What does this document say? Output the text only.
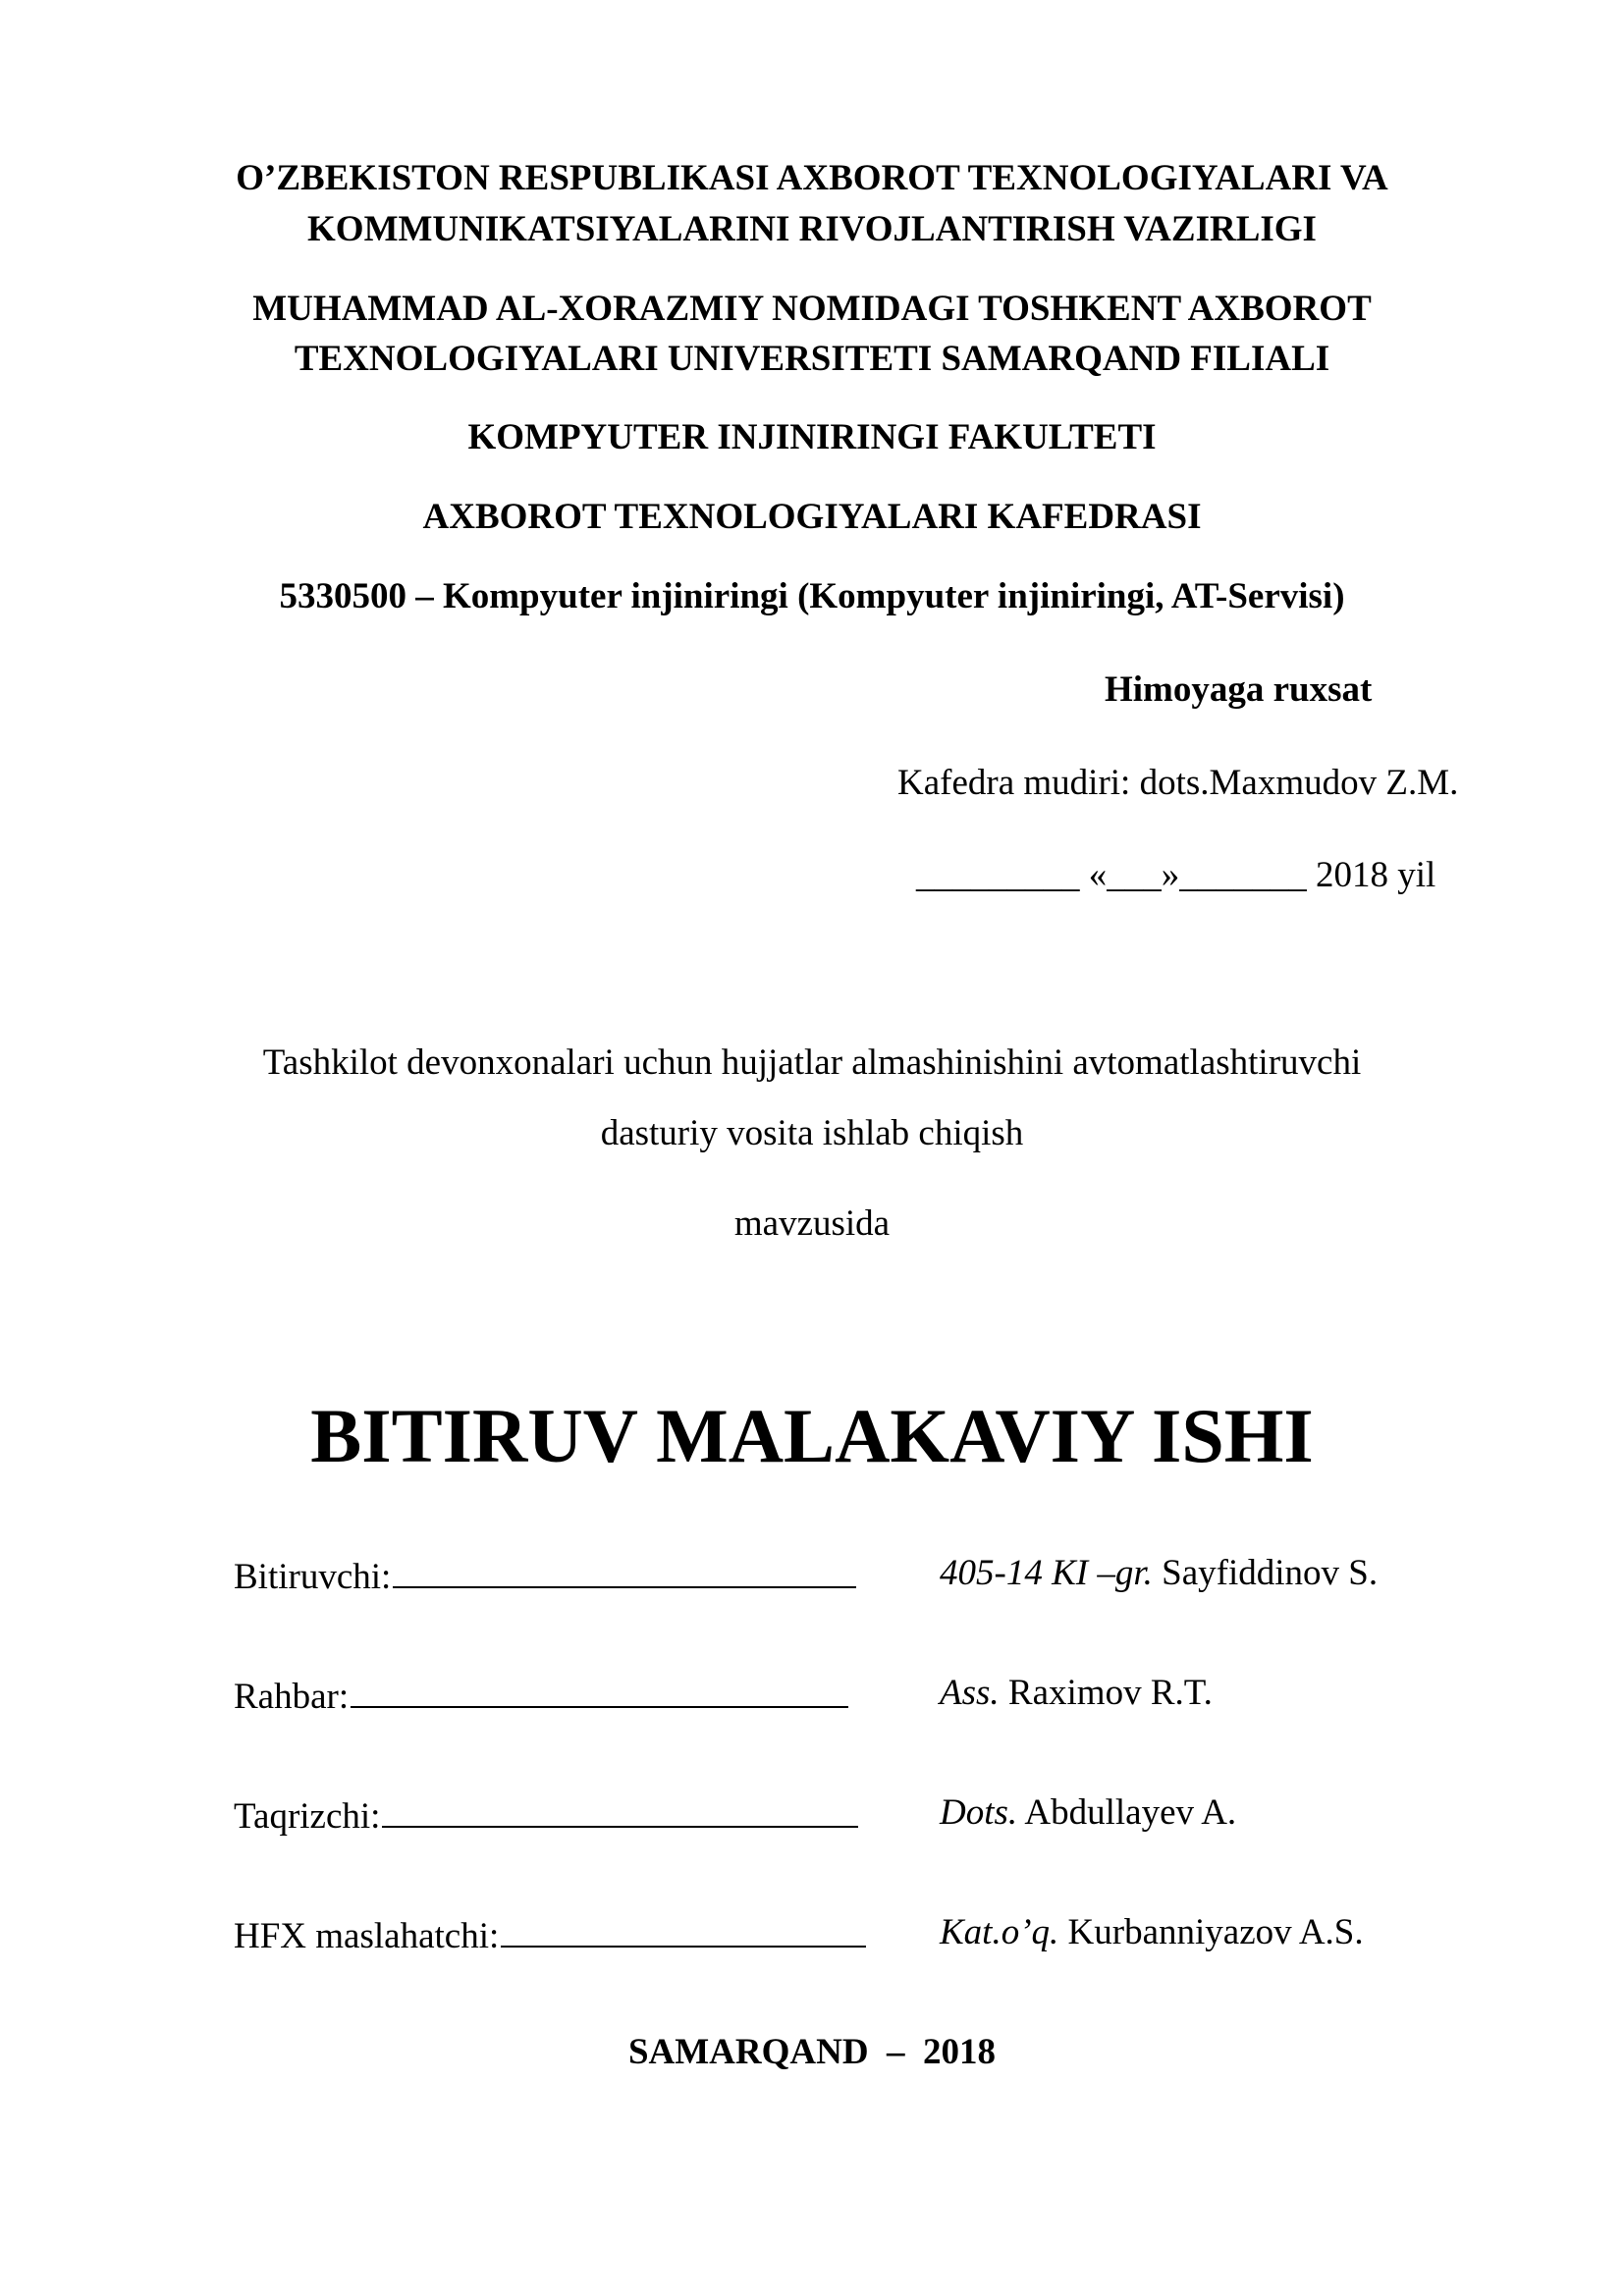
O’ZBEKISTON RESPUBLIKASI AXBOROT TEXNOLOGIYALARI VA
KOMMUNIKATSIYALARINI RIVOJLANTIRISH VAZIRLIGI
MUHAMMAD AL-XORAZMIY NOMIDAGI TOSHKENT AXBOROT
TEXNOLOGIYALARI UNIVERSITETI SAMARQAND FILIALI
KOMPYUTER INJINIRINGI FAKULTETI
AXBOROT TEXNOLOGIYALARI KAFEDRASI
5330500 – Kompyuter injiniringi (Kompyuter injiniringi, AT-Servisi)
Himoyaga ruxsat
Kafedra mudiri: dots.Maxmudov Z.M.
_________ «___»_______ 2018 yil
Tashkilot devonxonalari uchun hujjatlar almashinishini avtomatlashtiruvchi
dasturiy vosita ishlab chiqish
mavzusida
BITIRUV MALAKAVIY ISHI
Bitiruvchi:	405-14 KI –gr. Sayfiddinov S.
Rahbar:	Ass. Raximov R.T.
Taqrizchi:	Dots. Abdullayev A.
HFX maslahatchi:	Kat.o’q. Kurbanniyazov A.S.
SAMARQAND  –  2018
